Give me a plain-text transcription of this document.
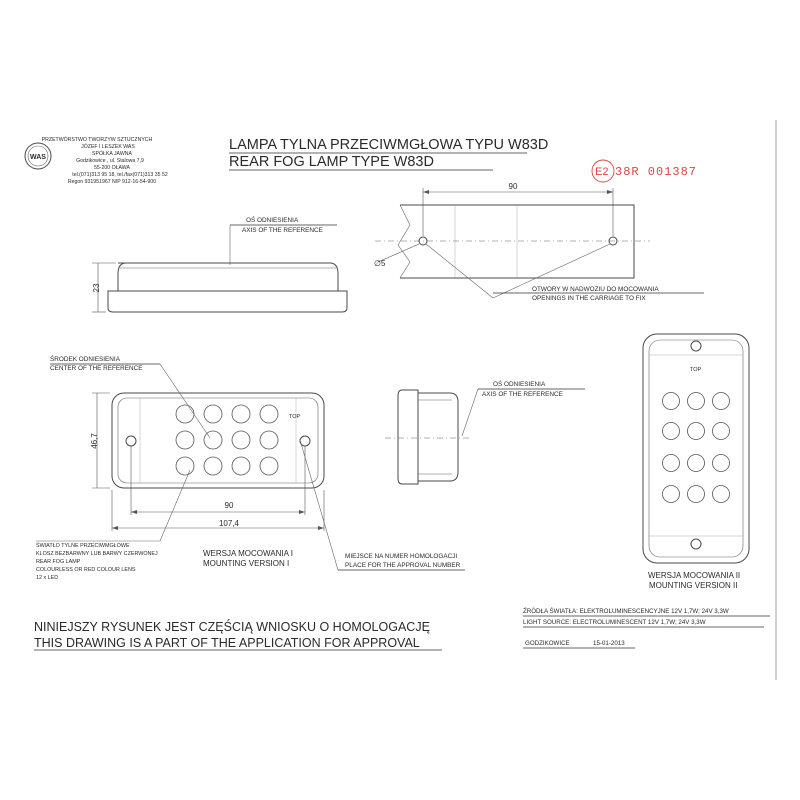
WAS
PRZETWÓRSTWO TWORZYW SZTUCZNYCH
JÓZEF I LESZEK WAS
SPÓŁKA JAWNA
Godzikowice , ul. Stalowa 7,9
55-200 OŁAWA
tel.(071)313 95 18, tel./fax(071)313 35 52
Regon 931951967 NIP 912-16-54-900
LAMPA TYLNA PRZECIWMGŁOWA TYPU W83D
REAR FOG LAMP TYPE W83D
E2 38R 001387
90
∅5
OTWORY W NADWOZIU DO MOCOWANIA
OPENINGS IN THE CARRIAGE TO FIX
OŚ ODNIESIENIA
AXIS OF THE REFERENCE
23
TOP
90
107,4
46,7
ŚRODEK ODNIESIENIA
CENTER OF THE REFERENCE
ŚWIATŁO TYLNE PRZECIWMGŁOWE
KLOSZ BEZBARWNY LUB BARWY CZERWONEJ
REAR FOG LAMP
COLOURLESS OR RED COLOUR LENS
12 x LED
WERSJA MOCOWANIA I
MOUNTING VERSION I
MIEJSCE NA NUMER HOMOLOGACJI
PLACE FOR THE APPROVAL NUMBER
OŚ ODNIESIENIA
AXIS OF THE REFERENCE
TOP
WERSJA MOCOWANIA II
MOUNTING VERSION II
NINIEJSZY RYSUNEK JEST CZĘŚCIĄ WNIOSKU O HOMOLOGACJĘ
THIS DRAWING IS A PART OF THE APPLICATION FOR APPROVAL
ŹRÓDŁA ŚWIATŁA: ELEKTROLUMINESCENCYJNE 12V 1,7W; 24V 3,3W
LIGHT SOURCE: ELECTROLUMINESCENT 12V 1,7W; 24V 3,3W
GODZIKOWICE	15-01-2013
